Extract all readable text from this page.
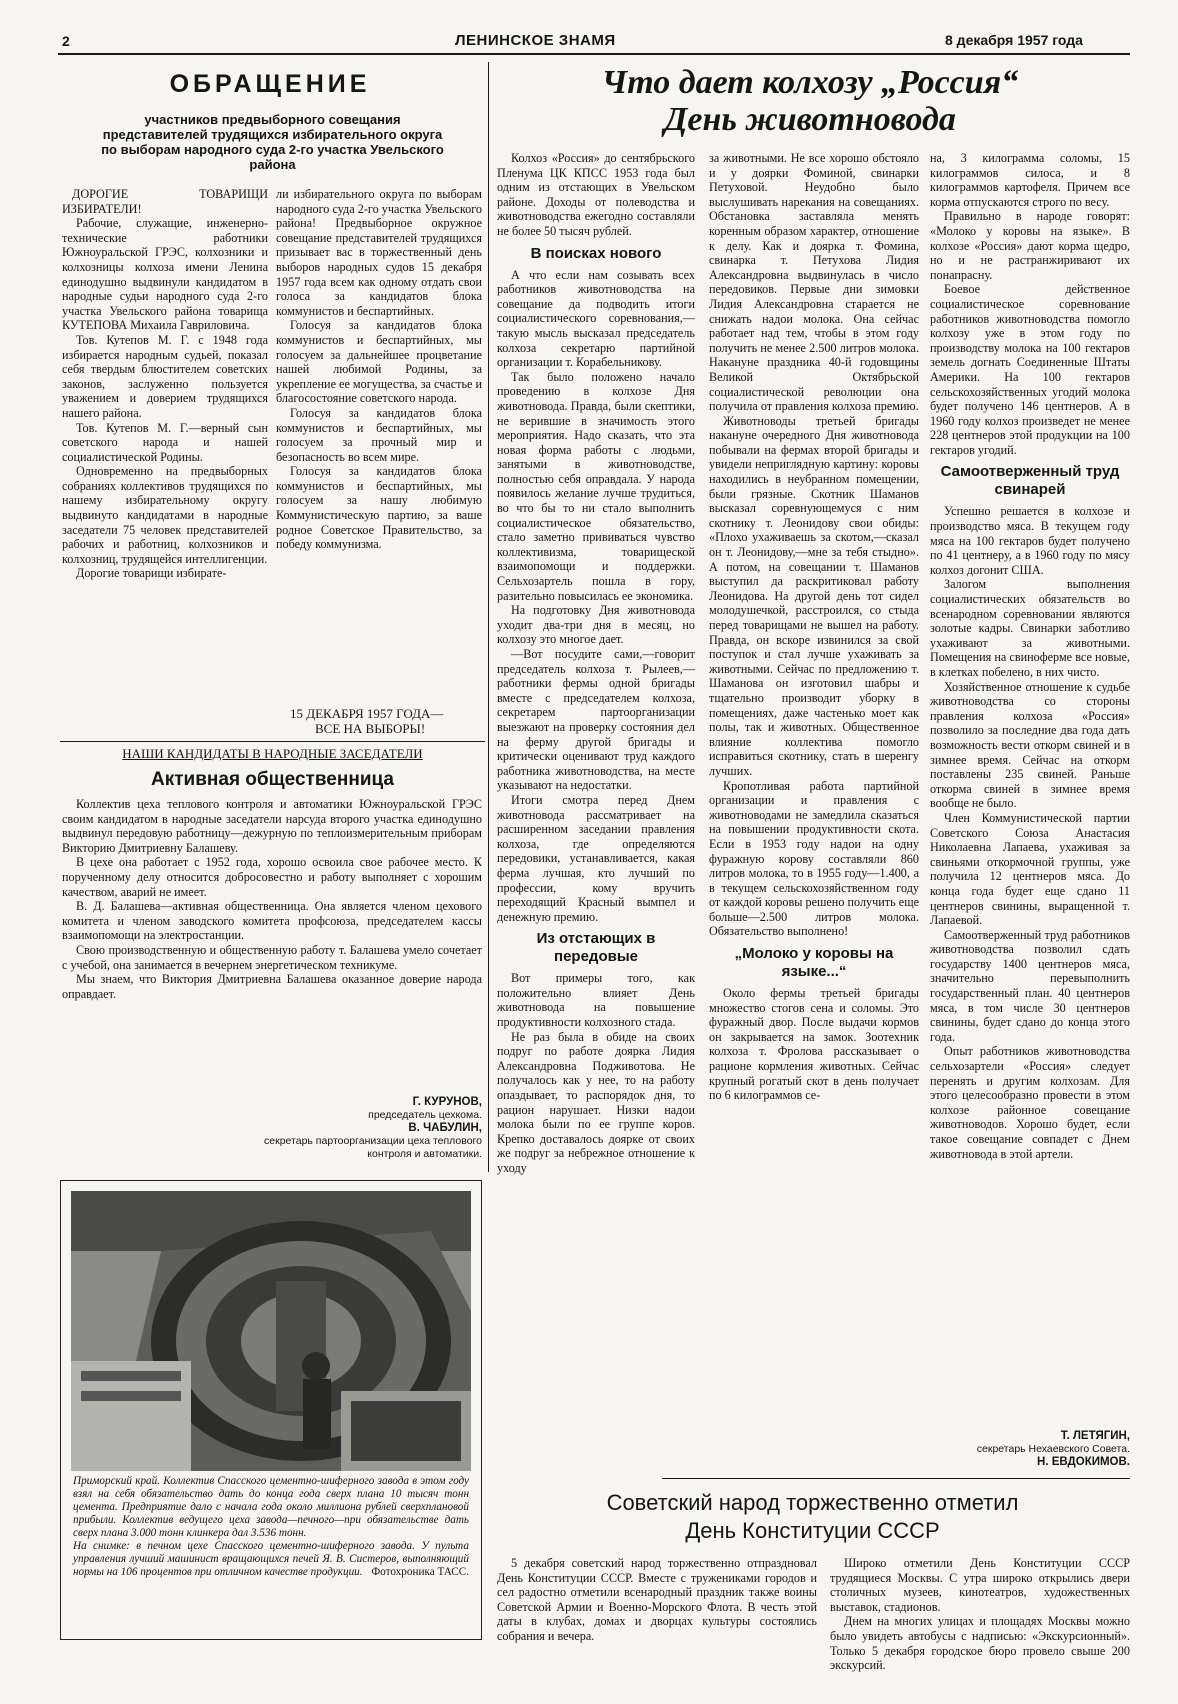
2	ЛЕНИНСКОЕ ЗНАМЯ	8 декабря 1957 года
ОБРАЩЕНИЕ
участников предвыборного совещания представителей трудящихся избирательного округа по выборам народного суда 2-го участка Увельского района

ДОРОГИЕ ТОВАРИЩИ ИЗБИРАТЕЛИ!

Рабочие, служащие, инженерно-технические работники Южноуральской ГРЭС, колхозники и колхозницы колхоза имени Ленина единодушно выдвинули кандидатом в народные судьи народного суда 2-го участка Увельского района товарища КУТЕПОВА Михаила Гавриловича.

Тов. Кутепов М. Г. с 1948 года избирается народным судьей, показал себя твердым блюстителем советских законов, заслуженно пользуется уважением и доверием трудящихся нашего района.

Тов. Кутепов М. Г.—верный сын советского народа и нашей социалистической Родины.

Одновременно на предвыборных собраниях коллективов трудящихся по нашему избирательному округу выдвинуто кандидатами в народные заседатели 75 человек представителей рабочих и работниц, колхозников и колхозниц, трудящейся интеллигенции.

Дорогие товарищи избирате-

ли избирательного округа по выборам народного суда 2-го участка Увельского района! Предвыборное окружное совещание представителей трудящихся призывает вас в торжественный день выборов народных судов 15 декабря 1957 года всем как одному отдать свои голоса за кандидатов блока коммунистов и беспартийных.

Голосуя за кандидатов блока коммунистов и беспартийных, мы голосуем за дальнейшее процветание нашей любимой Родины, за укрепление ее могущества, за счастье и благосостояние советского народа.

Голосуя за кандидатов блока коммунистов и беспартийных, мы голосуем за прочный мир и безопасность во всем мире.

Голосуя за кандидатов блока коммунистов и беспартийных, мы голосуем за нашу любимую Коммунистическую партию, за ваше родное Советское Правительство, за победу коммунизма.

15 ДЕКАБРЯ 1957 ГОДА—
ВСЕ НА ВЫБОРЫ!
НАШИ КАНДИДАТЫ В НАРОДНЫЕ ЗАСЕДАТЕЛИ
Активная общественница

Коллектив цеха теплового контроля и автоматики Южноуральской ГРЭС своим кандидатом в народные заседатели нарсуда второго участка единодушно выдвинул передовую работницу—дежурную по теплоизмерительным приборам Викторию Дмитриевну Балашеву.

В цехе она работает с 1952 года, хорошо освоила свое рабочее место. К порученному делу относится добросовестно и работу выполняет с хорошим качеством, аварий не имеет.

В. Д. Балашева—активная общественница. Она является членом цехового комитета и членом заводского комитета профсоюза, председателем кассы взаимопомощи на электростанции.

Свою производственную и общественную работу т. Балашева умело сочетает с учебой, она занимается в вечернем энергетическом техникуме.

Мы знаем, что Виктория Дмитриевна Балашева оказанное доверие народа оправдает.

Г. КУРУНОВ,
председатель цехкома.
В. ЧАБУЛИН,
секретарь партоорганизации цеха теплового контроля и автоматики.
Приморский край. Коллектив Спасского цементно-шиферного завода в этом году взял на себя обязательство дать до конца года сверх плана 10 тысяч тонн цемента. Предприятие дало с начала года около миллиона рублей сверхплановой прибыли. Коллектив ведущего цеха завода—печного—при обязательстве дать сверх плана 3.000 тонн клинкера дал 3.536 тонн.
На снимке: в печном цехе Спасского цементно-шиферного завода. У пульта управления лучший машинист вращающихся печей Я. В. Систеров, выполняющий нормы на 106 процентов при отличном качестве продукции. Фотохроника ТАСС.
Что дает колхозу „Россия“
День животновода

Колхоз «Россия» до сентябрьского Пленума ЦК КПСС 1953 года был одним из отстающих в Увельском районе. Доходы от полеводства и животноводства ежегодно составляли не более 50 тысяч рублей.

В поисках нового

А что если нам созывать всех работников животноводства на совещание да подводить итоги социалистического соревнования,—такую мысль высказал председатель колхоза секретарю партийной организации т. Корабельникову.

Так было положено начало проведению в колхозе Дня животновода. Правда, были скептики, не верившие в значимость этого мероприятия. Надо сказать, что эта новая форма работы с людьми, занятыми в животноводстве, полностью себя оправдала. У народа появилось желание лучше трудиться, во что бы то ни стало выполнить социалистическое обязательство, стало заметно прививаться чувство коллективизма, товарищеской взаимопомощи и поддержки. Сельхозартель пошла в гору, разительно повысилась ее экономика.

На подготовку Дня животновода уходит два-три дня в месяц, но колхозу это многое дает.

—Вот посудите сами,—говорит председатель колхоза т. Рылеев,—работники фермы одной бригады вместе с председателем колхоза, секретарем партоорганизации выезжают на проверку состояния дел на ферму другой бригады и критически оценивают труд каждого работника животноводства, на месте указывают на недостатки.

Итоги смотра перед Днем животновода рассматривает на расширенном заседании правления колхоза, где определяются передовики, устанавливается, какая ферма лучшая, кто лучший по профессии, кому вручить переходящий Красный вымпел и денежную премию.

Из отстающих в передовые

Вот примеры того, как положительно влияет День животновода на повышение продуктивности колхозного стада.

Не раз была в обиде на своих подруг по работе доярка Лидия Александровна Подживотова. Не получалось как у нее, то на работу опаздывает, то распорядок дня, то рацион нарушает. Низки надои молока были по ее группе коров. Крепко доставалось доярке от своих же подруг за небрежное отношение к уходу

за животными. Не все хорошо обстояло и у доярки Фоминой, свинарки Петуховой. Неудобно было выслушивать нарекания на совещаниях. Обстановка заставляла менять коренным образом характер, отношение к делу. Как и доярка т. Фомина, свинарка т. Петухова Лидия Александровна выдвинулась в число передовиков. Первые дни зимовки Лидия Александровна старается не снижать надои молока. Она сейчас работает над тем, чтобы в этом году получить не менее 2.500 литров молока. Накануне праздника 40-й годовщины Великой Октябрьской социалистической революции она получила от правления колхоза премию.

Животноводы третьей бригады накануне очередного Дня животновода побывали на фермах второй бригады и увидели неприглядную картину: коровы находились в неубранном помещении, были грязные. Скотник Шаманов высказал соревнующемуся с ним скотнику т. Леонидову свои обиды: «Плохо ухаживаешь за скотом,—сказал он т. Леонидову,—мне за тебя стыдно». А потом, на совещании т. Шаманов выступил да раскритиковал работу Леонидова. На другой день тот сидел молодушечкой, расстроился, со стыда перед товарищами не вышел на работу. Правда, он вскоре извинился за свой поступок и стал лучше ухаживать за животными. Сейчас по предложению т. Шаманова он изготовил шабры и тщательно производит уборку в помещениях, даже частенько моет как полы, так и животных. Общественное влияние коллектива помогло исправиться скотнику, стать в шеренгу лучших.

Кропотливая работа партийной организации и правления с животноводами не замедлила сказаться на повышении продуктивности скота. Если в 1953 году надои на одну фуражную корову составляли 860 литров молока, то в 1955 году—1.400, а в текущем сельскохозяйственном году от каждой коровы решено получить еще больше—2.500 литров молока. Обязательство выполнено!

„Молоко у коровы на языке...“

Около фермы третьей бригады множество стогов сена и соломы. Это фуражный двор. После выдачи кормов он закрывается на замок. Зоотехник колхоза т. Фролова рассказывает о рационе кормления животных. Сейчас крупный рогатый скот в день получает по 6 килограммов се-

на, 3 килограмма соломы, 15 килограммов силоса, и 8 килограммов картофеля. Причем все корма отпускаются строго по весу.

Правильно в народе говорят: «Молоко у коровы на языке». В колхозе «Россия» дают корма щедро, но и не растранжиривают их понапрасну.

Боевое действенное социалистическое соревнование работников животноводства помогло колхозу уже в этом году по производству молока на 100 гектаров земель догнать Соединенные Штаты Америки. На 100 гектаров сельскохозяйственных угодий молока будет получено 146 центнеров. А в 1960 году колхоз произведет не менее 228 центнеров этой продукции на 100 гектаров угодий.

Самоотверженный труд свинарей

Успешно решается в колхозе и производство мяса. В текущем году мяса на 100 гектаров будет получено по 41 центнеру, а в 1960 году по мясу колхоз догонит США.

Залогом выполнения социалистических обязательств во всенародном соревновании являются золотые кадры. Свинарки заботливо ухаживают за животными. Помещения на свиноферме все новые, в клетках побелено, в них чисто.

Хозяйственное отношение к судьбе животноводства со стороны правления колхоза «Россия» позволило за последние два года дать возможность вести откорм свиней и в зимнее время. Сейчас на откорм поставлены 235 свиней. Раньше откорма свиней в зимнее время вообще не было.

Член Коммунистической партии Советского Союза Анастасия Николаевна Лапаева, ухаживая за свиньями откормочной группы, уже получила 12 центнеров мяса. До конца года будет еще сдано 11 центнеров свинины, выращенной т. Лапаевой.

Самоотверженный труд работников животноводства позволил сдать государству 1400 центнеров мяса, значительно перевыполнить государственный план. 40 центнеров мяса, в том числе 30 центнеров свинины, будет сдано до конца этого года.

Опыт работников животноводства сельхозартели «Россия» следует перенять и другим колхозам. Для этого целесообразно провести в этом колхозе районное совещание животноводов. Хорошо будет, если такое совещание совпадет с Днем животновода в этой артели.

Т. ЛЕТЯГИН,
секретарь Нехаевского Совета.
Н. ЕВДОКИМОВ.
Советский народ торжественно отметил
День Конституции СССР

5 декабря советский народ торжественно отпраздновал День Конституции СССР. Вместе с тружениками городов и сел радостно отметили всенародный праздник также воины Советской Армии и Военно-Морского Флота. В честь этой даты в клубах, домах и дворцах культуры состоялись собрания и вечера.

Широко отметили День Конституции СССР трудящиеся Москвы. С утра широко открылись двери столичных музеев, кинотеатров, художественных выставок, стадионов.

Днем на многих улицах и площадях Москвы можно было увидеть автобусы с надписью: «Экскурсионный». Только 5 декабря городское бюро провело свыше 200 экскурсий.
